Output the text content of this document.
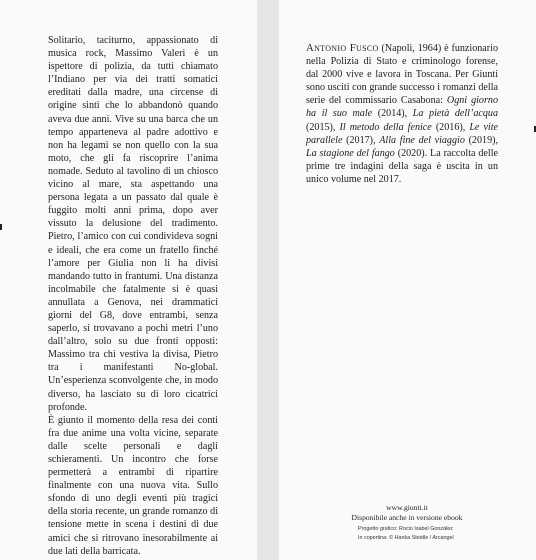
Solitario, taciturno, appassionato di musica rock, Massimo Valeri è un ispettore di polizia, da tutti chiamato l’Indiano per via dei tratti somatici ereditati dalla madre, una circense di origine sinti che lo abbandonò quando aveva due anni. Vive su una barca che un tempo apparteneva al padre adottivo e non ha legami se non quello con la sua moto, che gli fa riscoprire l’anima nomade. Seduto al tavolino di un chiosco vicino al mare, sta aspettando una persona legata a un passato dal quale è fuggito molti anni prima, dopo aver vissuto la delusione del tradimento. Pietro, l’amico con cui condivideva sogni e ideali, che era come un fratello finché l’amore per Giulia non li ha divisi mandando tutto in frantumi. Una distanza incolmabile che fatalmente si è quasi annullata a Genova, nei drammatici giorni del G8, dove entrambi, senza saperlo, si trovavano a pochi metri l’uno dall’altro, solo su due fronti opposti: Massimo tra chi vestiva la divisa, Pietro tra i manifestanti No-global. Un’esperienza sconvolgente che, in modo diverso, ha lasciato su di loro cicatrici profonde.

È giunto il momento della resa dei conti fra due anime una volta vicine, separate dalle scelte personali e dagli schieramenti. Un incontro che forse permetterà a entrambi di ripartire finalmente con una nuova vita. Sullo sfondo di uno degli eventi più tragici della storia recente, un grande romanzo di tensione mette in scena i destini di due amici che si ritrovano inesorabilmente ai due lati della barricata.

Antonio Fusco (Napoli, 1964) è funzionario nella Polizia di Stato e criminologo forense, dal 2000 vive e lavora in Toscana. Per Giunti sono usciti con grande successo i romanzi della serie del commissario Casabona: Ogni giorno ha il suo male (2014), La pietà dell’acqua (2015), Il metodo della fenice (2016), Le vite parallele (2017), Alla fine del viaggio (2019), La stagione del fango (2020). La raccolta delle prime tre indagini della saga è uscita in un unico volume nel 2017.

www.giunti.it
Disponibile anche in versione ebook
Progetto grafico: Rocio Isabel González
In copertina: © Hanka Steidle / Arcangel
